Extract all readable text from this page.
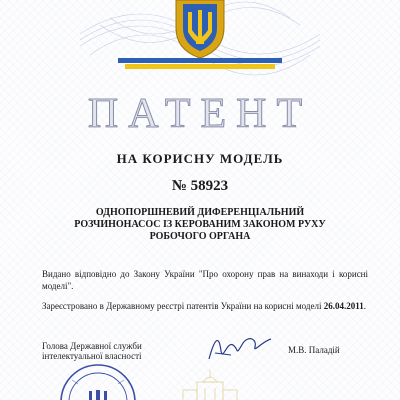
ПАТЕНТ
НА КОРИСНУ МОДЕЛЬ
№ 58923
ОДНОПОРШНЕВИЙ ДИФЕРЕНЦІАЛЬНИЙ
РОЗЧИНОНАСОС ІЗ КЕРОВАНИМ ЗАКОНОМ РУХУ
РОБОЧОГО ОРГАНА
Видано відповідно до Закону України "Про охорону прав на винаходи і корисні моделі".
Зареєстровано в Державному реєстрі патентів України на корисні моделі 26.04.2011.
Голова Державної служби
інтелектуальної власності
М.В. Паладій
